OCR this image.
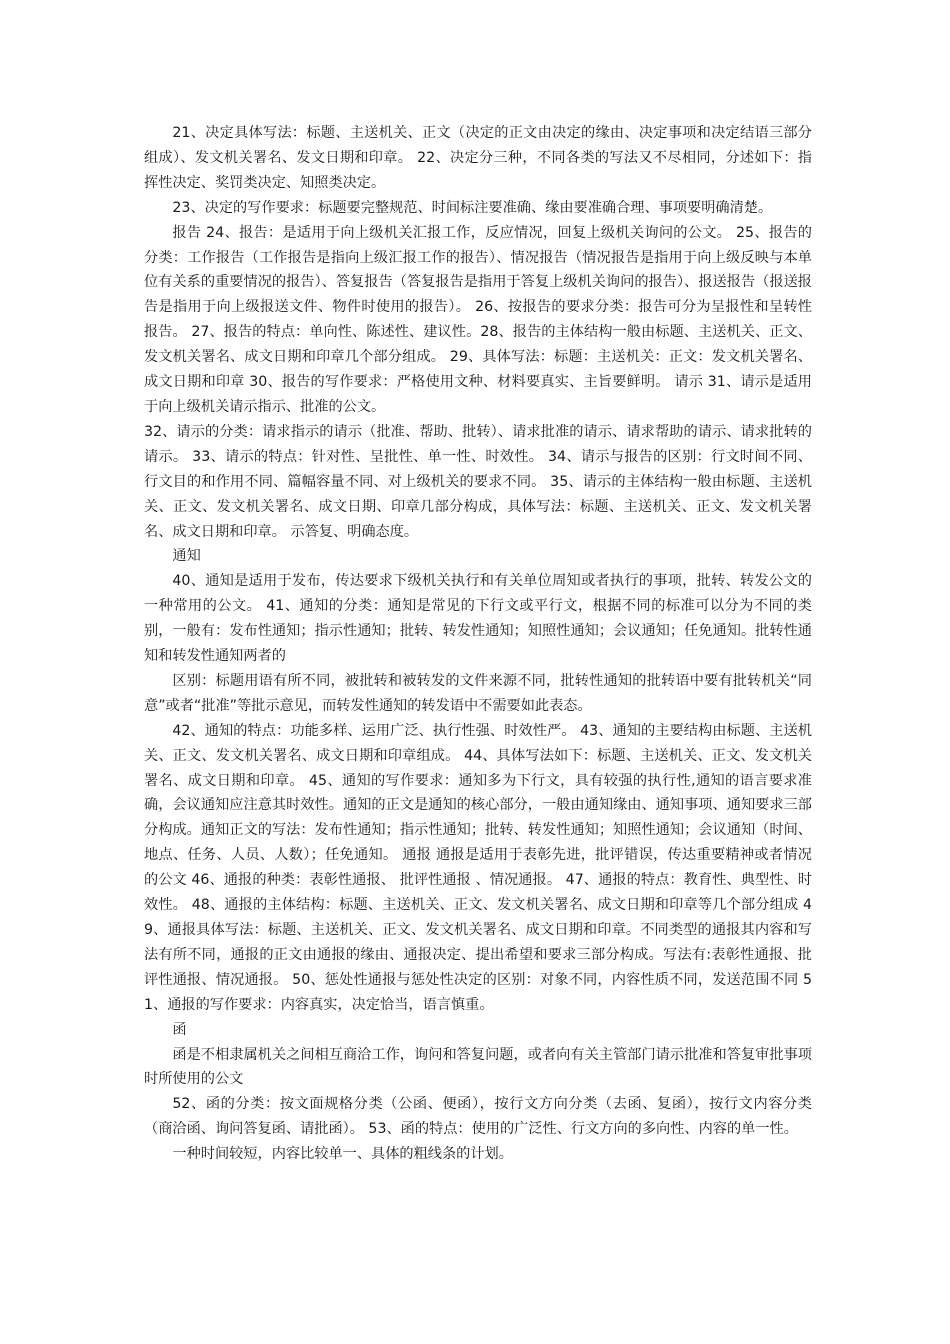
21、决定具体写法：标题、主送机关、正文（决定的正文由决定的缘由、决定事项和决定结语三部分组成）、发文机关署名、发文日期和印章。 22、决定分三种，不同各类的写法又不尽相同，分述如下：指挥性决定、奖罚类决定、知照类决定。

23、决定的写作要求：标题要完整规范、时间标注要准确、缘由要准确合理、事项要明确清楚。

报告 24、报告：是适用于向上级机关汇报工作，反应情况，回复上级机关询问的公文。 25、报告的分类：工作报告（工作报告是指向上级汇报工作的报告）、情况报告（情况报告是指用于向上级反映与本单位有关系的重要情况的报告）、答复报告（答复报告是指用于答复上级机关询问的报告）、报送报告（报送报告是指用于向上级报送文件、物件时使用的报告）。 26、按报告的要求分类：报告可分为呈报性和呈转性报告。 27、报告的特点：单向性、陈述性、建议性。28、报告的主体结构一般由标题、主送机关、正文、发文机关署名、成文日期和印章几个部分组成。 29、具体写法：标题：主送机关：正文：发文机关署名、成文日期和印章 30、报告的写作要求：严格使用文种、材料要真实、主旨要鲜明。 请示 31、请示是适用于向上级机关请示指示、批准的公文。

32、请示的分类：请求指示的请示（批准、帮助、批转）、请求批准的请示、请求帮助的请示、请求批转的请示。 33、请示的特点：针对性、呈批性、单一性、时效性。 34、请示与报告的区别：行文时间不同、行文目的和作用不同、篇幅容量不同、对上级机关的要求不同。 35、请示的主体结构一般由标题、主送机关、正文、发文机关署名、成文日期、印章几部分构成，具体写法：标题、主送机关、正文、发文机关署名、成文日期和印章。 示答复、明确态度。

通知

40、通知是适用于发布，传达要求下级机关执行和有关单位周知或者执行的事项，批转、转发公文的一种常用的公文。 41、通知的分类：通知是常见的下行文或平行文，根据不同的标准可以分为不同的类别，一般有：发布性通知；指示性通知；批转、转发性通知；知照性通知；会议通知；任免通知。批转性通知和转发性通知两者的

区别：标题用语有所不同，被批转和被转发的文件来源不同，批转性通知的批转语中要有批转机关“同意”或者“批准”等批示意见，而转发性通知的转发语中不需要如此表态。

42、通知的特点：功能多样、运用广泛、执行性强、时效性严。 43、通知的主要结构由标题、主送机关、正文、发文机关署名、成文日期和印章组成。 44、具体写法如下：标题、主送机关、正文、发文机关署名、成文日期和印章。 45、通知的写作要求：通知多为下行文，具有较强的执行性,通知的语言要求准确，会议通知应注意其时效性。通知的正文是通知的核心部分，一般由通知缘由、通知事项、通知要求三部分构成。通知正文的写法：发布性通知；指示性通知；批转、转发性通知；知照性通知；会议通知（时间、地点、任务、人员、人数）；任免通知。 通报 通报是适用于表彰先进，批评错误，传达重要精神或者情况的公文 46、通报的种类：表彰性通报、 批评性通报 、情况通报。 47、通报的特点：教育性、典型性、时效性。 48、通报的主体结构：标题、主送机关、正文、发文机关署名、成文日期和印章等几个部分组成 49、通报具体写法：标题、主送机关、正文、发文机关署名、成文日期和印章。不同类型的通报其内容和写法有所不同，通报的正文由通报的缘由、通报决定、提出希望和要求三部分构成。写法有:表彰性通报、批评性通报、情况通报。 50、惩处性通报与惩处性决定的区别：对象不同，内容性质不同，发送范围不同 51、通报的写作要求：内容真实，决定恰当，语言慎重。

函

函是不相隶属机关之间相互商洽工作，询问和答复问题，或者向有关主管部门请示批准和答复审批事项时所使用的公文

52、函的分类：按文面规格分类（公函、便函），按行文方向分类（去函、复函），按行文内容分类（商洽函、询问答复函、请批函）。 53、函的特点：使用的广泛性、行文方向的多向性、内容的单一性。

一种时间较短，内容比较单一、具体的粗线条的计划。
